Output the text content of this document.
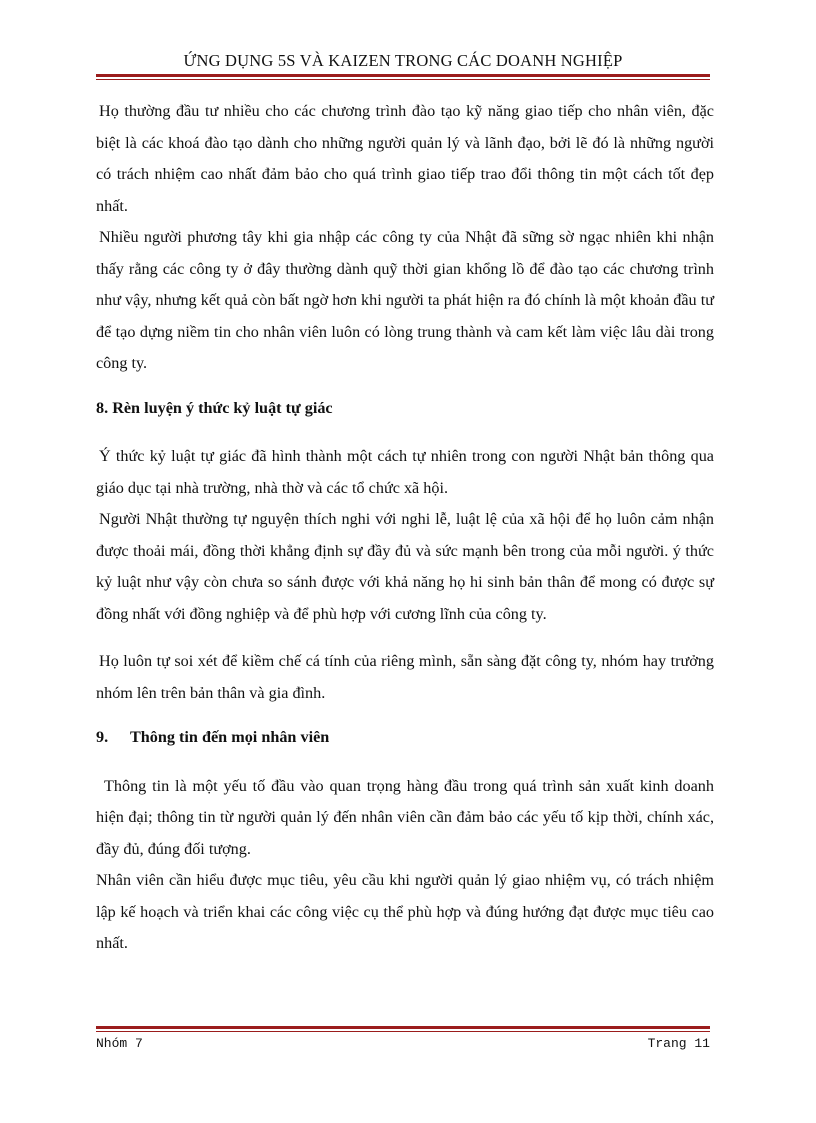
ỨNG DỤNG 5S VÀ KAIZEN TRONG CÁC DOANH NGHIỆP

Họ thường đầu tư nhiều cho các chương trình đào tạo kỹ năng giao tiếp cho nhân viên, đặc biệt là các khoá đào tạo dành cho những người quản lý và lãnh đạo, bởi lẽ đó là những người có trách nhiệm cao nhất đảm bảo cho quá trình giao tiếp trao đổi thông tin một cách tốt đẹp nhất.

Nhiều người phương tây khi gia nhập các công ty của Nhật đã sững sờ ngạc nhiên khi nhận thấy rằng các công ty ở đây thường dành quỹ thời gian khổng lồ để đào tạo các chương trình như vậy, nhưng kết quả còn bất ngờ hơn khi người ta phát hiện ra đó chính là một khoản đầu tư để tạo dựng niềm tin cho nhân viên luôn có lòng trung thành và cam kết làm việc lâu dài trong công ty.

8. Rèn luyện ý thức kỷ luật tự giác

Ý thức kỷ luật tự giác đã hình thành một cách tự nhiên trong con người Nhật bản thông qua giáo dục tại nhà trường, nhà thờ và các tổ chức xã hội.

Người Nhật thường tự nguyện thích nghi với nghi lễ, luật lệ của xã hội để họ luôn cảm nhận được thoải mái, đồng thời khẳng định sự đầy đủ và sức mạnh bên trong của mỗi người. ý thức kỷ luật như vậy còn chưa so sánh được với khả năng họ hi sinh bản thân để mong có được sự đồng nhất với đồng nghiệp và để phù hợp với cương lĩnh của công ty.

Họ luôn tự soi xét để kiềm chế cá tính của riêng mình, sẵn sàng đặt công ty, nhóm hay trưởng nhóm lên trên bản thân và gia đình.

9. Thông tin đến mọi nhân viên

Thông tin là một yếu tố đầu vào quan trọng hàng đầu trong quá trình sản xuất kinh doanh hiện đại; thông tin từ người quản lý đến nhân viên cần đảm bảo các yếu tố kịp thời, chính xác, đầy đủ, đúng đối tượng.

Nhân viên cần hiểu được mục tiêu, yêu cầu khi người quản lý giao nhiệm vụ, có trách nhiệm lập kế hoạch và triển khai các công việc cụ thể phù hợp và đúng hướng đạt được mục tiêu cao nhất.

Nhóm 7	Trang 11
